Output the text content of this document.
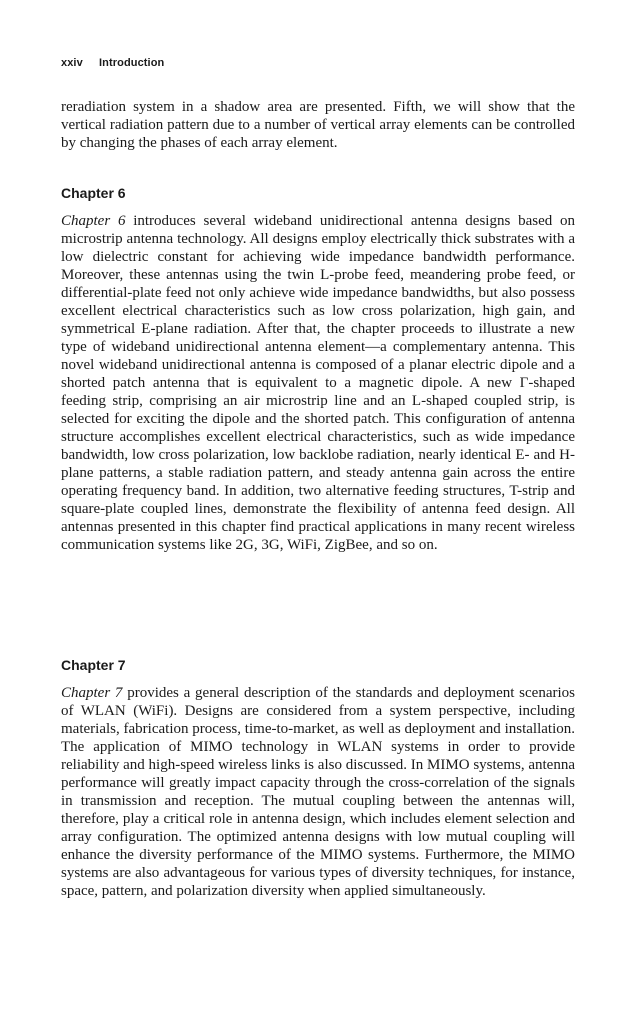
xxiv Introduction

reradiation system in a shadow area are presented. Fifth, we will show that the vertical radiation pattern due to a number of vertical array elements can be controlled by changing the phases of each array element.

Chapter 6

Chapter 6 introduces several wideband unidirectional antenna designs based on microstrip antenna technology. All designs employ electrically thick substrates with a low dielectric constant for achieving wide impedance bandwidth performance. Moreover, these antennas using the twin L-probe feed, meandering probe feed, or differential-plate feed not only achieve wide impedance bandwidths, but also possess excellent electrical characteristics such as low cross polarization, high gain, and symmetrical E-plane radiation. After that, the chapter proceeds to illustrate a new type of wideband unidirectional antenna element—a complementary antenna. This novel wideband unidirectional antenna is composed of a planar electric dipole and a shorted patch antenna that is equivalent to a magnetic dipole. A new Γ-shaped feeding strip, comprising an air microstrip line and an L-shaped coupled strip, is selected for exciting the dipole and the shorted patch. This configuration of antenna structure accomplishes excellent electrical characteristics, such as wide impedance bandwidth, low cross polarization, low backlobe radiation, nearly identical E- and H-plane patterns, a stable radiation pattern, and steady antenna gain across the entire operating frequency band. In addition, two alternative feeding structures, T-strip and square-plate coupled lines, demonstrate the flexibility of antenna feed design. All antennas presented in this chapter find practical applications in many recent wireless communication systems like 2G, 3G, WiFi, ZigBee, and so on.

Chapter 7

Chapter 7 provides a general description of the standards and deployment scenarios of WLAN (WiFi). Designs are considered from a system perspective, including materials, fabrication process, time-to-market, as well as deployment and installation. The application of MIMO technology in WLAN systems in order to provide reliability and high-speed wireless links is also discussed. In MIMO systems, antenna performance will greatly impact capacity through the cross-correlation of the signals in transmission and reception. The mutual coupling between the antennas will, therefore, play a critical role in antenna design, which includes element selection and array configuration. The optimized antenna designs with low mutual coupling will enhance the diversity performance of the MIMO systems. Furthermore, the MIMO systems are also advantageous for various types of diversity techniques, for instance, space, pattern, and polarization diversity when applied simultaneously.
